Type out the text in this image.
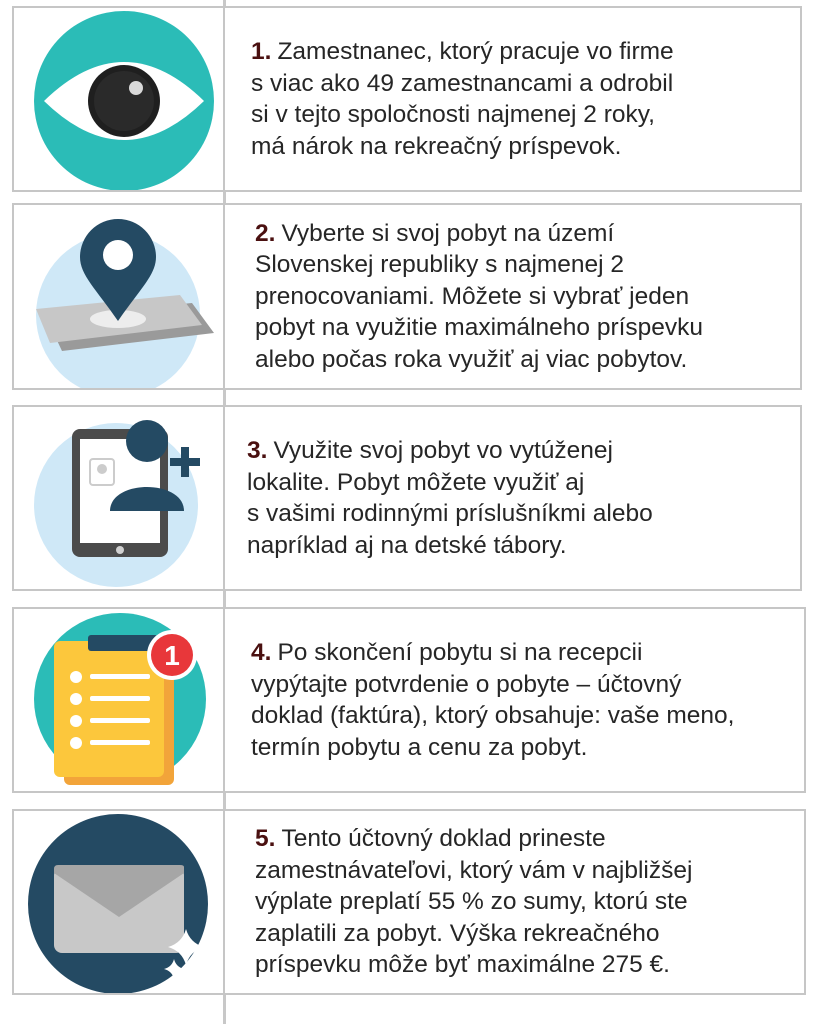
1. Zamestnanec, ktorý pracuje vo firme
s viac ako 49 zamestnancami a odrobil
si v tejto spoločnosti najmenej 2 roky,
má nárok na rekreačný príspevok.

2. Vyberte si svoj pobyt na území
Slovenskej republiky s najmenej 2
prenocovaniami. Môžete si vybrať jeden
pobyt na využitie maximálneho príspevku
alebo počas roka využiť aj viac pobytov.

3. Využite svoj pobyt vo vytúženej
lokalite. Pobyt môžete využiť aj
s vašimi rodinnými príslušníkmi alebo
napríklad aj na detské tábory.

1	4. Po skončení pobytu si na recepcii
vypýtajte potvrdenie o pobyte – účtovný
doklad (faktúra), ktorý obsahuje: vaše meno,
termín pobytu a cenu za pobyt.

5. Tento účtovný doklad prineste
zamestnávateľovi, ktorý vám v najbližšej
výplate preplatí 55 % zo sumy, ktorú ste
zaplatili za pobyt. Výška rekreačného
príspevku môže byť maximálne 275 €.
